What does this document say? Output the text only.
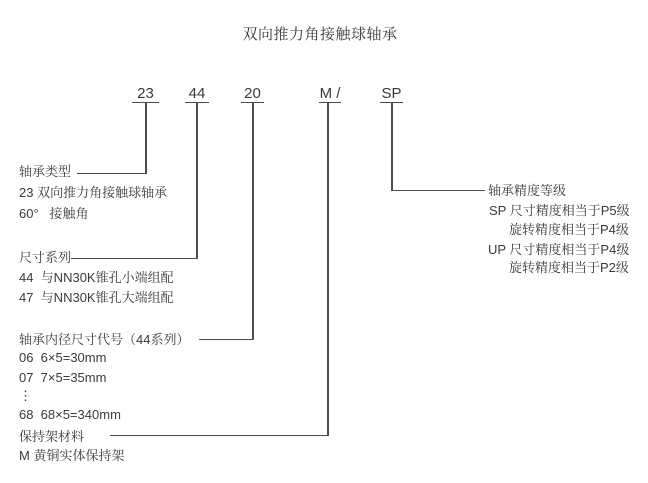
双向推力角接触球轴承
23	44	20	M /	SP
轴承类型
23 双向推力角接触球轴承
60°   接触角
尺寸系列
44  与NN30K锥孔小端组配
47  与NN30K锥孔大端组配
轴承内径尺寸代号（44系列）
06  6×5=30mm
07  7×5=35mm
⋮
68  68×5=340mm
保持架材料
M 黄铜实体保持架
轴承精度等级
SP 尺寸精度相当于P5级
旋转精度相当于P4级
UP 尺寸精度相当于P4级
旋转精度相当于P2级
